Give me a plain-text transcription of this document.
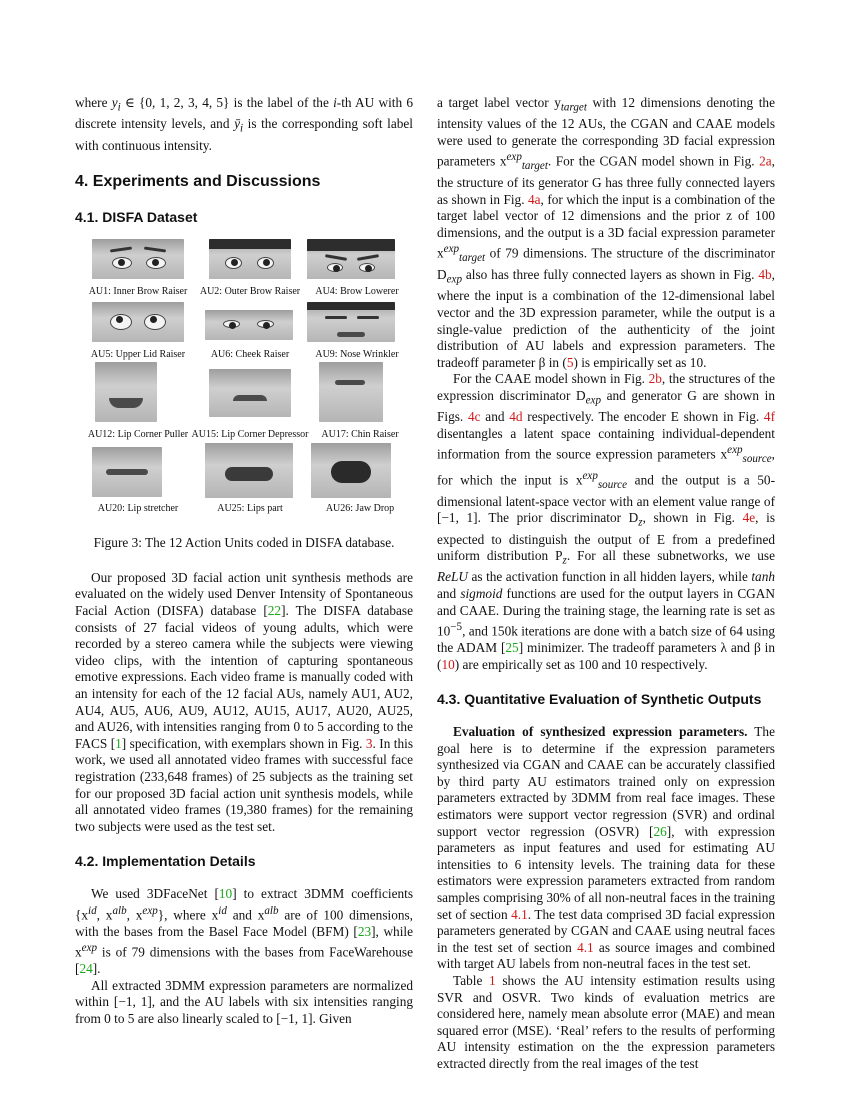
where $y_i$ ∈ {0, 1, 2, 3, 4, 5} is the label of the i-th AU with 6 discrete intensity levels, and $ȳ_i$ is the corresponding soft label with continuous intensity.

4. Experiments and Discussions
4.1. DISFA Dataset
AU1: Inner Brow Raiser	AU2: Outer Brow Raiser	AU4: Brow Lowerer
AU5: Upper Lid Raiser	AU6: Cheek Raiser	AU9: Nose Wrinkler
AU12: Lip Corner Puller AU15: Lip Corner Depressor	AU17: Chin Raiser
AU20: Lip stretcher	AU25: Lips part	AU26: Jaw Drop
Figure 3: The 12 Action Units coded in DISFA database.

Our proposed 3D facial action unit synthesis methods are evaluated on the widely used Denver Intensity of Spontaneous Facial Action (DISFA) database [22]. The DISFA database consists of 27 facial videos of young adults, which were recorded by a stereo camera while the subjects were viewing video clips, with the intention of capturing spontaneous emotive expressions. Each video frame is manually coded with an intensity for each of the 12 facial AUs, namely AU1, AU2, AU4, AU5, AU6, AU9, AU12, AU15, AU17, AU20, AU25, and AU26, with intensities ranging from 0 to 5 according to the FACS [1] specification, with exemplars shown in Fig. 3. In this work, we used all annotated video frames with successful face registration (233,648 frames) of 25 subjects as the training set for our proposed 3D facial action unit synthesis models, while all annotated video frames (19,380 frames) for the remaining two subjects were used as the test set.

4.2. Implementation Details

We used 3DFaceNet [10] to extract 3DMM coefficients {$x^{id}$, $x^{alb}$, $x^{exp}$}, where $x^{id}$ and $x^{alb}$ are of 100 dimensions, with the bases from the Basel Face Model (BFM) [23], while $x^{exp}$ is of 79 dimensions with the bases from FaceWarehouse [24].

All extracted 3DMM expression parameters are normalized within [−1, 1], and the AU labels with six intensities ranging from 0 to 5 are also linearly scaled to [−1, 1]. Given

a target label vector $y_{target}$ with 12 dimensions denoting the intensity values of the 12 AUs, the CGAN and CAAE models were used to generate the corresponding 3D facial expression parameters $x^{exp}_{target}$. For the CGAN model shown in Fig. 2a, the structure of its generator G has three fully connected layers as shown in Fig. 4a, for which the input is a combination of the target label vector of 12 dimensions and the prior z of 100 dimensions, and the output is a 3D facial expression parameter $x^{exp}_{target}$ of 79 dimensions. The structure of the discriminator $D_{exp}$ also has three fully connected layers as shown in Fig. 4b, where the input is a combination of the 12-dimensional label vector and the 3D expression parameter, while the output is a single-value prediction of the authenticity of the joint distribution of AU labels and expression parameters. The tradeoff parameter β in (5) is empirically set as 10.

For the CAAE model shown in Fig. 2b, the structures of the expression discriminator $D_{exp}$ and generator G are shown in Figs. 4c and 4d respectively. The encoder E shown in Fig. 4f disentangles a latent space containing individual-dependent information from the source expression parameters $x^{exp}_{source}$, for which the input is $x^{exp}_{source}$ and the output is a 50-dimensional latent-space vector with an element value range of [−1, 1]. The prior discriminator $D_z$, shown in Fig. 4e, is expected to distinguish the output of E from a predefined uniform distribution $P_z$. For all these subnetworks, we use ReLU as the activation function in all hidden layers, while tanh and sigmoid functions are used for the output layers in CGAN and CAAE. During the training stage, the learning rate is set as $10^{-5}$, and 150k iterations are done with a batch size of 64 using the ADAM [25] minimizer. The tradeoff parameters λ and β in (10) are empirically set as 100 and 10 respectively.

4.3. Quantitative Evaluation of Synthetic Outputs

Evaluation of synthesized expression parameters. The goal here is to determine if the expression parameters synthesized via CGAN and CAAE can be accurately classified by third party AU estimators trained only on expression parameters extracted by 3DMM from real face images. These estimators were support vector regression (SVR) and ordinal support vector regression (OSVR) [26], with expression parameters as input features and used for estimating AU intensities to 6 intensity levels. The training data for these estimators were expression parameters extracted from random samples comprising 30% of all non-neutral faces in the training set of section 4.1. The test data comprised 3D facial expression parameters generated by CGAN and CAAE using neutral faces in the test set of section 4.1 as source images and combined with target AU labels from non-neutral faces in the test set.

Table 1 shows the AU intensity estimation results using SVR and OSVR. Two kinds of evaluation metrics are considered here, namely mean absolute error (MAE) and mean squared error (MSE). ‘Real’ refers to the results of performing AU intensity estimation on the the expression parameters extracted directly from the real images of the test
